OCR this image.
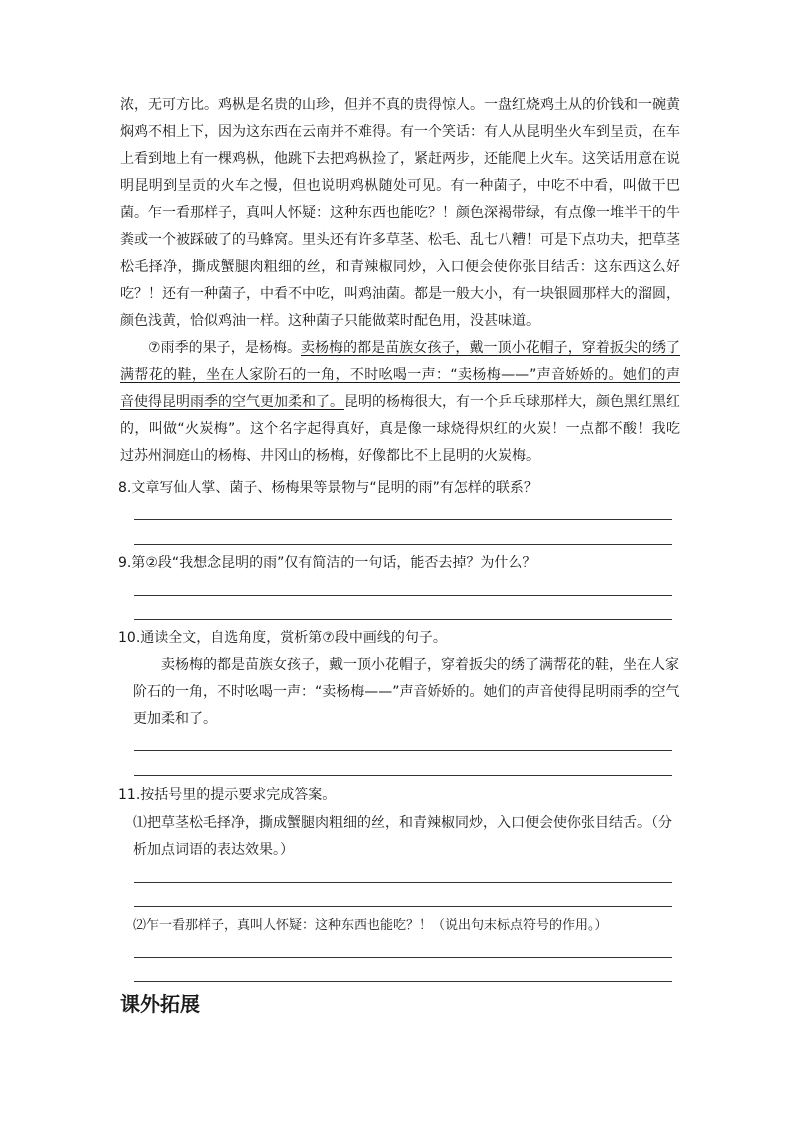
浓，无可方比。鸡枞是名贵的山珍，但并不真的贵得惊人。一盘红烧鸡土从的价钱和一碗黄焖鸡不相上下，因为这东西在云南并不难得。有一个笑话：有人从昆明坐火车到呈贡，在车上看到地上有一棵鸡枞，他跳下去把鸡枞捡了，紧赶两步，还能爬上火车。这笑话用意在说明昆明到呈贡的火车之慢，但也说明鸡枞随处可见。有一种菌子，中吃不中看，叫做干巴菌。乍一看那样子，真叫人怀疑：这种东西也能吃？！颜色深褐带绿，有点像一堆半干的牛粪或一个被踩破了的马蜂窝。里头还有许多草茎、松毛、乱七八糟！可是下点功夫，把草茎松毛择净，撕成蟹腿肉粗细的丝，和青辣椒同炒，入口便会使你张目结舌：这东西这么好吃？！还有一种菌子，中看不中吃，叫鸡油菌。都是一般大小，有一块银圆那样大的溜圆，颜色浅黄，恰似鸡油一样。这种菌子只能做菜时配色用，没甚味道。

⑦雨季的果子，是杨梅。卖杨梅的都是苗族女孩子，戴一顶小花帽子，穿着扳尖的绣了满帮花的鞋，坐在人家阶石的一角，不时吆喝一声：“卖杨梅——”声音娇娇的。她们的声音使得昆明雨季的空气更加柔和了。昆明的杨梅很大，有一个乒乓球那样大，颜色黑红黑红的，叫做“火炭梅”。这个名字起得真好，真是像一球烧得炽红的火炭！一点都不酸！我吃过苏州洞庭山的杨梅、井冈山的杨梅，好像都比不上昆明的火炭梅。

8.文章写仙人掌、菌子、杨梅果等景物与“昆明的雨”有怎样的联系？

9.第②段“我想念昆明的雨”仅有简洁的一句话，能否去掉？为什么？

10.通读全文，自选角度，赏析第⑦段中画线的句子。

卖杨梅的都是苗族女孩子，戴一顶小花帽子，穿着扳尖的绣了满帮花的鞋，坐在人家阶石的一角，不时吆喝一声：“卖杨梅——”声音娇娇的。她们的声音使得昆明雨季的空气更加柔和了。

11.按括号里的提示要求完成答案。

⑴把草茎松毛择净，撕成蟹腿肉粗细的丝，和青辣椒同炒，入口便会使你张目结舌。（分析加点词语的表达效果。）

⑵乍一看那样子，真叫人怀疑：这种东西也能吃？！（说出句末标点符号的作用。）

课外拓展
